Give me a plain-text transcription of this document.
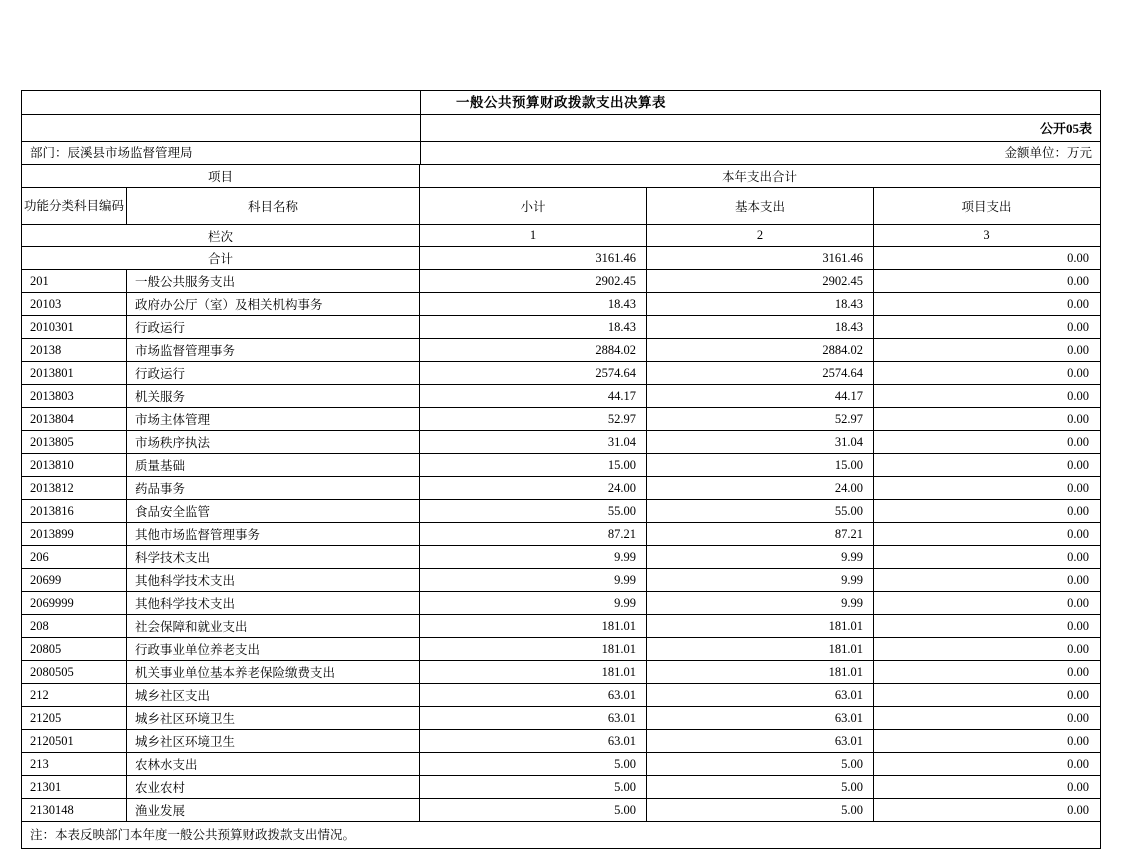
一般公共预算财政拨款支出决算表
公开05表
部门：辰溪县市场监督管理局	金额单位：万元
项目	本年支出合计
功能分类科目编码	科目名称	小计	基本支出	项目支出
栏次	1	2	3
合计	3161.46	3161.46	0.00
201	一般公共服务支出	2902.45	2902.45	0.00
20103	政府办公厅（室）及相关机构事务	18.43	18.43	0.00
2010301	行政运行	18.43	18.43	0.00
20138	市场监督管理事务	2884.02	2884.02	0.00
2013801	行政运行	2574.64	2574.64	0.00
2013803	机关服务	44.17	44.17	0.00
2013804	市场主体管理	52.97	52.97	0.00
2013805	市场秩序执法	31.04	31.04	0.00
2013810	质量基础	15.00	15.00	0.00
2013812	药品事务	24.00	24.00	0.00
2013816	食品安全监管	55.00	55.00	0.00
2013899	其他市场监督管理事务	87.21	87.21	0.00
206	科学技术支出	9.99	9.99	0.00
20699	其他科学技术支出	9.99	9.99	0.00
2069999	其他科学技术支出	9.99	9.99	0.00
208	社会保障和就业支出	181.01	181.01	0.00
20805	行政事业单位养老支出	181.01	181.01	0.00
2080505	机关事业单位基本养老保险缴费支出	181.01	181.01	0.00
212	城乡社区支出	63.01	63.01	0.00
21205	城乡社区环境卫生	63.01	63.01	0.00
2120501	城乡社区环境卫生	63.01	63.01	0.00
213	农林水支出	5.00	5.00	0.00
21301	农业农村	5.00	5.00	0.00
2130148	渔业发展	5.00	5.00	0.00
注：本表反映部门本年度一般公共预算财政拨款支出情况。
